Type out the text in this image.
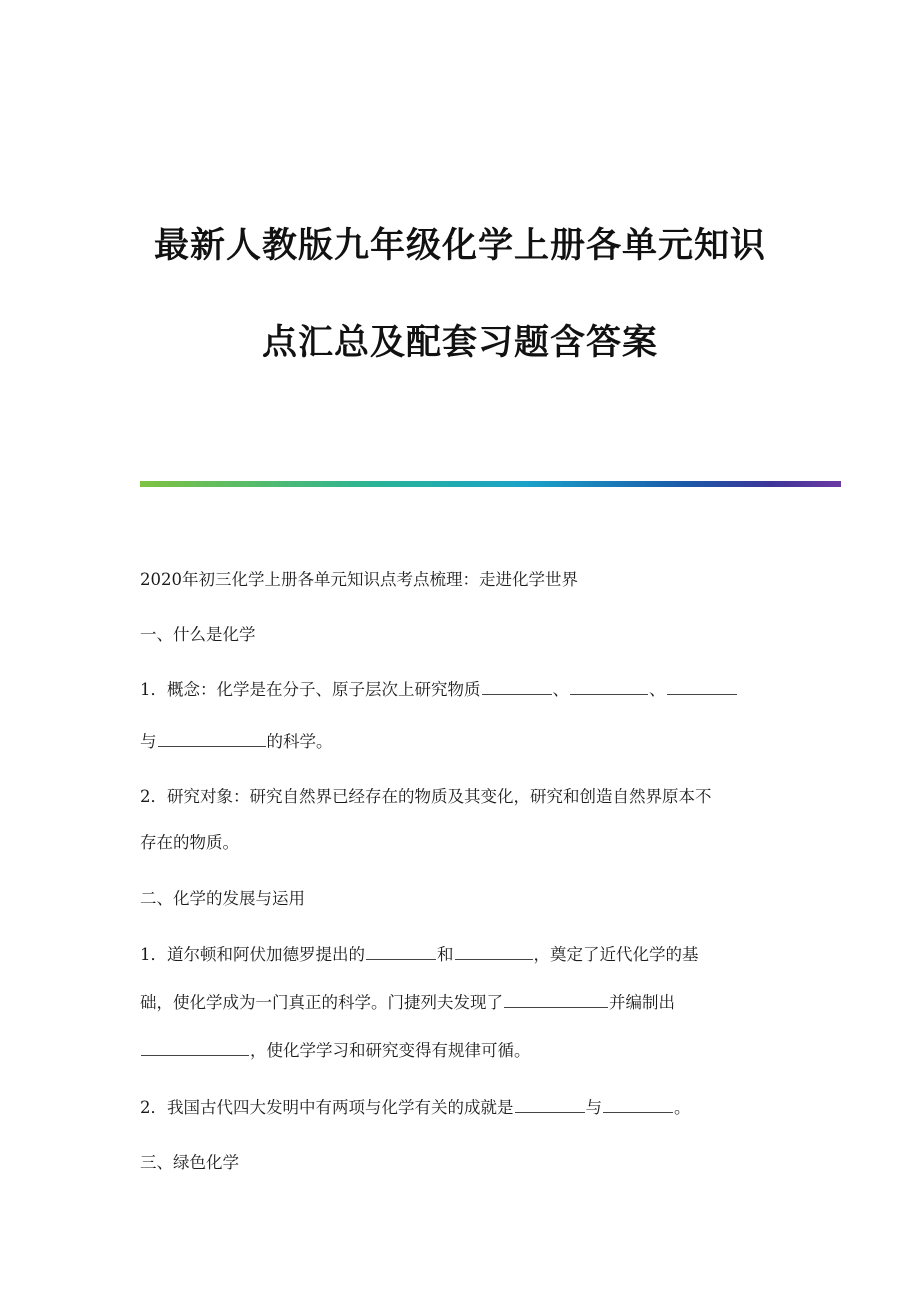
最新人教版九年级化学上册各单元知识
点汇总及配套习题含答案
2020年初三化学上册各单元知识点考点梳理：走进化学世界
一、什么是化学
1．概念：化学是在分子、原子层次上研究物质	、	、
与	的科学。
2．研究对象：研究自然界已经存在的物质及其变化，研究和创造自然界原本不
存在的物质。
二、化学的发展与运用
1．道尔顿和阿伏加德罗提出的	和	，奠定了近代化学的基
础，使化学成为一门真正的科学。门捷列夫发现了	并编制出
，使化学学习和研究变得有规律可循。
2．我国古代四大发明中有两项与化学有关的成就是	与	。
三、绿色化学
